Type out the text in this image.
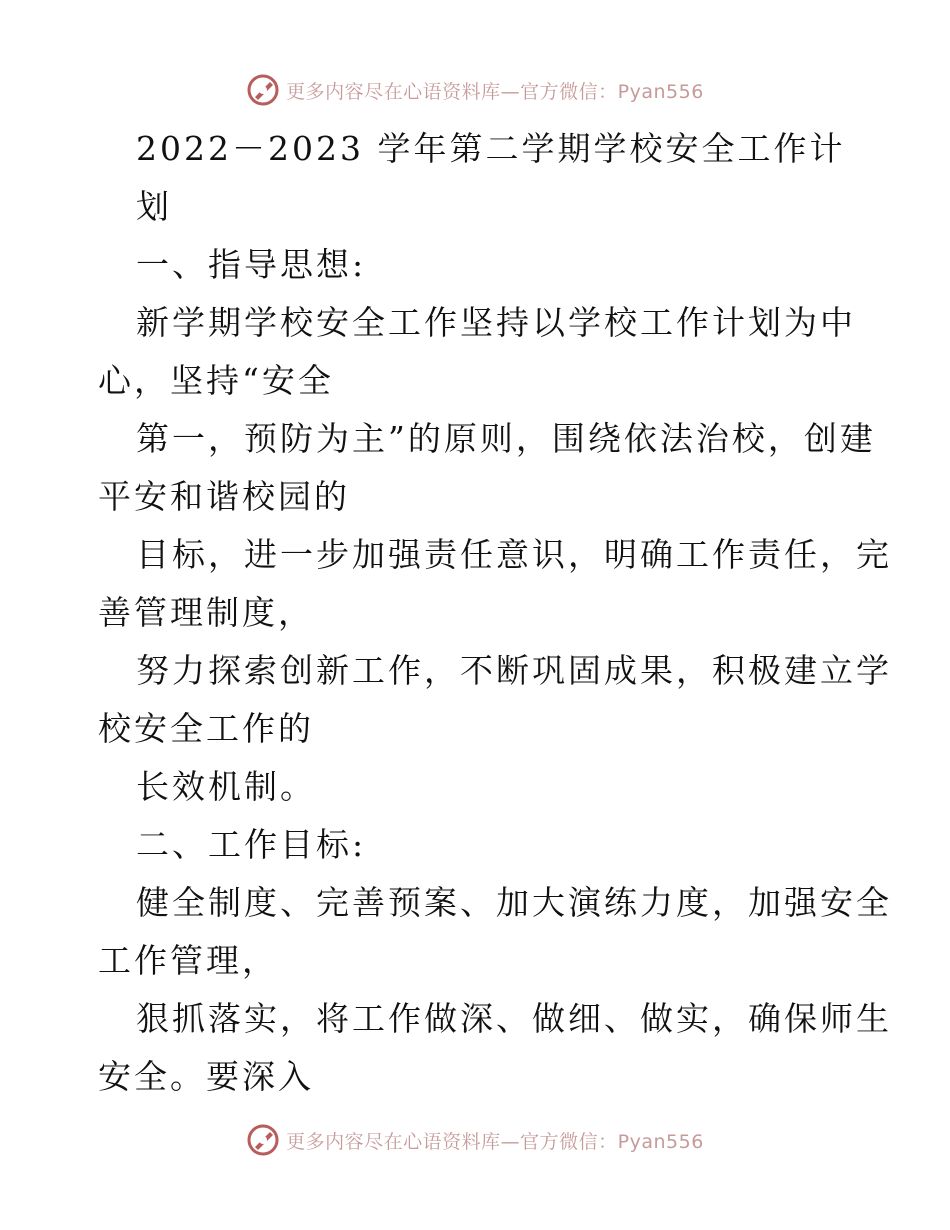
更多内容尽在心语资料库—官方微信：Pyan556
2022－2023 学年第二学期学校安全工作计
划
一、指导思想:
新学期学校安全工作坚持以学校工作计划为中
心，坚持“安全
第一，预防为主”的原则，围绕依法治校，创建
平安和谐校园的
目标，进一步加强责任意识，明确工作责任，完
善管理制度，
努力探索创新工作，不断巩固成果，积极建立学
校安全工作的
长效机制。
二、工作目标:
健全制度、完善预案、加大演练力度，加强安全
工作管理，
狠抓落实，将工作做深、做细、做实，确保师生
安全。要深入
更多内容尽在心语资料库—官方微信：Pyan556
